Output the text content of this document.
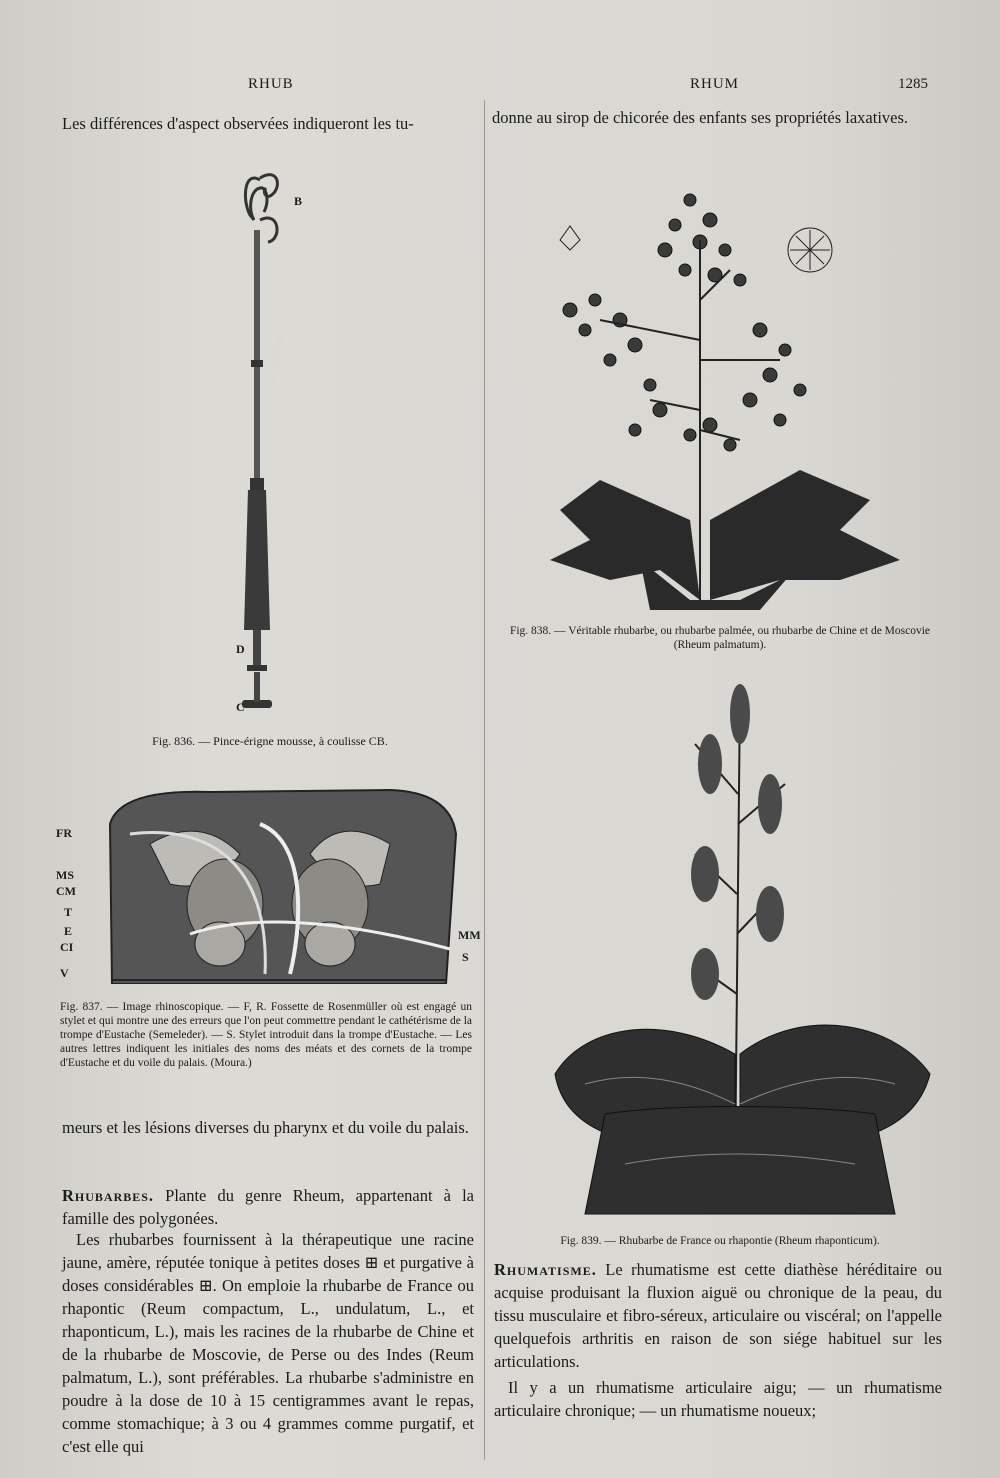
RHUB	RHUM	1285
Les différences d'aspect observées indiqueront les tu-
CHARRIÈRE
B
D
C
Fig. 836. — Pince-érigne mousse, à coulisse CB.
FR
MS
CM
T
E
CI
V
MM
S
Fig. 837. — Image rhinoscopique. — F, R. Fossette de Rosenmüller où est engagé un stylet et qui montre une des erreurs que l'on peut commettre pendant le cathétérisme de la trompe d'Eustache (Semeleder). — S. Stylet introduit dans la trompe d'Eustache. — Les autres lettres indiquent les initiales des noms des méats et des cornets de la trompe d'Eustache et du voile du palais. (Moura.)
meurs et les lésions diverses du pharynx et du voile du palais.
Rhubarbes. Plante du genre Rheum, appartenant à la famille des polygonées.
Les rhubarbes fournissent à la thérapeutique une racine jaune, amère, réputée tonique à petites doses ⊞ et purgative à doses considérables ⊞. On emploie la rhubarbe de France ou rhapontic (Reum compactum, L., undulatum, L., et rhaponticum, L.), mais les racines de la rhubarbe de Chine et de la rhubarbe de Moscovie, de Perse ou des Indes (Reum palmatum, L.), sont préférables. La rhubarbe s'administre en poudre à la dose de 10 à 15 centigrammes avant le repas, comme stomachique; à 3 ou 4 grammes comme purgatif, et c'est elle qui
donne au sirop de chicorée des enfants ses propriétés laxatives.
Fig. 838. — Véritable rhubarbe, ou rhubarbe palmée, ou rhubarbe de Chine et de Moscovie (Rheum palmatum).
Fig. 839. — Rhubarbe de France ou rhapontie (Rheum rhaponticum).
Rhumatisme. Le rhumatisme est cette diathèse héréditaire ou acquise produisant la fluxion aiguë ou chronique de la peau, du tissu musculaire et fibro-séreux, articulaire ou viscéral; on l'appelle quelquefois arthritis en raison de son siége habituel sur les articulations.
Il y a un rhumatisme articulaire aigu; — un rhumatisme articulaire chronique; — un rhumatisme noueux;
